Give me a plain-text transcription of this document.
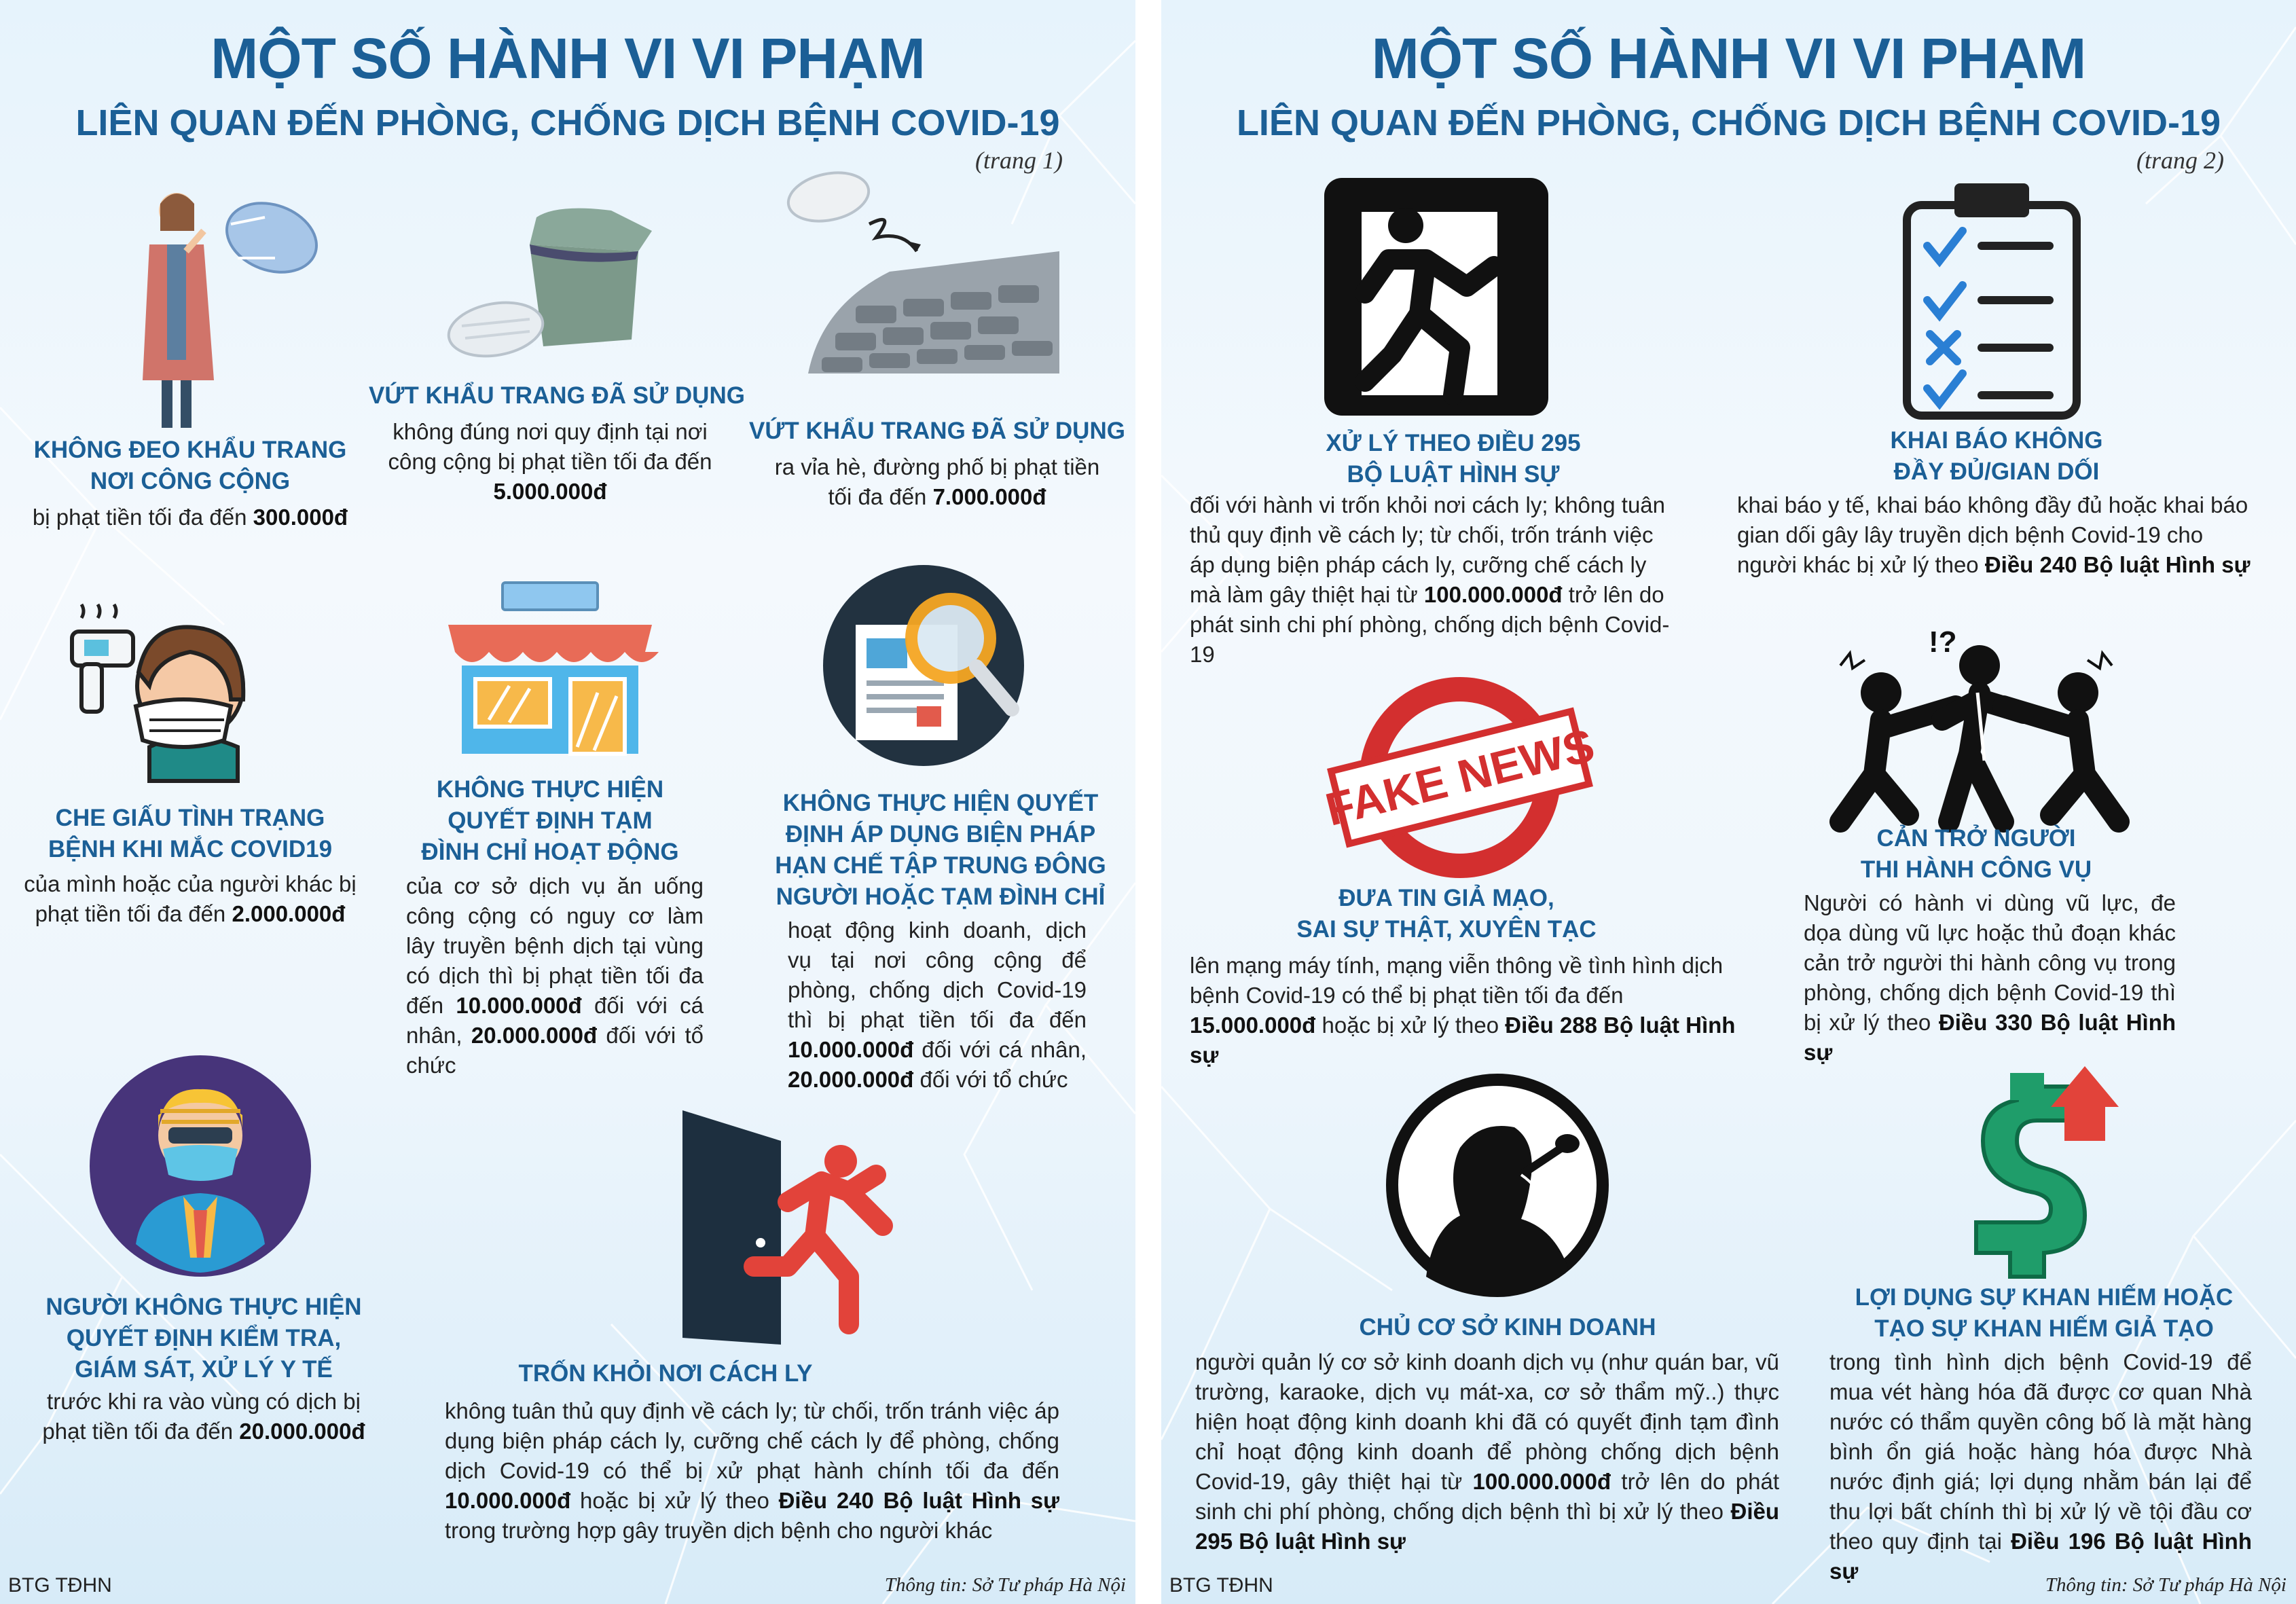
MỘT SỐ HÀNH VI VI PHẠM
LIÊN QUAN ĐẾN PHÒNG, CHỐNG DỊCH BỆNH COVID-19
(trang 1)
KHÔNG ĐEO KHẨU TRANG
NƠI CÔNG CỘNG
bị phạt tiền tối đa đến 300.000đ
VỨT KHẨU TRANG ĐÃ SỬ DỤNG
không đúng nơi quy định tại nơi công cộng bị phạt tiền tối đa đến 5.000.000đ
VỨT KHẨU TRANG ĐÃ SỬ DỤNG
ra vỉa hè, đường phố bị phạt tiền tối đa đến 7.000.000đ
CHE GIẤU TÌNH TRẠNG
BỆNH KHI MẮC COVID19
của mình hoặc của người khác bị phạt tiền tối đa đến 2.000.000đ
KHÔNG THỰC HIỆN
QUYẾT ĐỊNH TẠM
ĐÌNH CHỈ HOẠT ĐỘNG
của cơ sở dịch vụ ăn uống công cộng có nguy cơ làm lây truyền bệnh dịch tại vùng có dịch thì bị phạt tiền tối đa đến 10.000.000đ đối với cá nhân, 20.000.000đ đối với tổ chức
KHÔNG THỰC HIỆN QUYẾT
ĐỊNH ÁP DỤNG BIỆN PHÁP
HẠN CHẾ TẬP TRUNG ĐÔNG
NGƯỜI HOẶC TẠM ĐÌNH CHỈ
hoạt động kinh doanh, dịch vụ tại nơi công cộng để phòng, chống dịch Covid-19 thì bị phạt tiền tối đa đến 10.000.000đ đối với cá nhân, 20.000.000đ đối với tổ chức
NGƯỜI KHÔNG THỰC HIỆN
QUYẾT ĐỊNH KIỂM TRA,
GIÁM SÁT, XỬ LÝ Y TẾ
trước khi ra vào vùng có dịch bị phạt tiền tối đa đến 20.000.000đ
TRỐN KHỎI NƠI CÁCH LY
không tuân thủ quy định về cách ly; từ chối, trốn tránh việc áp dụng biện pháp cách ly, cưỡng chế cách ly để phòng, chống dịch Covid-19 có thể bị xử phạt hành chính tối đa đến 10.000.000đ hoặc bị xử lý theo Điều 240 Bộ luật Hình sự trong trường hợp gây truyền dịch bệnh cho người khác
BTG TĐHN	Thông tin: Sở Tư pháp Hà Nội
MỘT SỐ HÀNH VI VI PHẠM
LIÊN QUAN ĐẾN PHÒNG, CHỐNG DỊCH BỆNH COVID-19
(trang 2)
XỬ LÝ THEO ĐIỀU 295
BỘ LUẬT HÌNH SỰ
đối với hành vi trốn khỏi nơi cách ly; không tuân thủ quy định về cách ly; từ chối, trốn tránh việc áp dụng biện pháp cách ly, cưỡng chế cách ly mà làm gây thiệt hại từ 100.000.000đ trở lên do phát sinh chi phí phòng, chống dịch bệnh Covid-19
KHAI BÁO KHÔNG
ĐẦY ĐỦ/GIAN DỐI
khai báo y tế, khai báo không đầy đủ hoặc khai báo gian dối gây lây truyền dịch bệnh Covid-19 cho người khác bị xử lý theo Điều 240 Bộ luật Hình sự
FAKE NEWS
ĐƯA TIN GIẢ MẠO,
SAI SỰ THẬT, XUYÊN TẠC
lên mạng máy tính, mạng viễn thông về tình hình dịch bệnh Covid-19 có thể bị phạt tiền tối đa đến 15.000.000đ hoặc bị xử lý theo Điều 288 Bộ luật Hình sự
!?
CẢN TRỞ NGƯỜI
THI HÀNH CÔNG VỤ
Người có hành vi dùng vũ lực, đe dọa dùng vũ lực hoặc thủ đoạn khác cản trở người thi hành công vụ trong phòng, chống dịch bệnh Covid-19 thì bị xử lý theo Điều 330 Bộ luật Hình sự
CHỦ CƠ SỞ KINH DOANH
người quản lý cơ sở kinh doanh dịch vụ (như quán bar, vũ trường, karaoke, dịch vụ mát-xa, cơ sở thẩm mỹ..) thực hiện hoạt động kinh doanh khi đã có quyết định tạm đình chỉ hoạt động kinh doanh để phòng chống dịch bệnh Covid-19, gây thiệt hại từ 100.000.000đ trở lên do phát sinh chi phí phòng, chống dịch bệnh thì bị xử lý theo Điều 295 Bộ luật Hình sự
LỢI DỤNG SỰ KHAN HIẾM HOẶC
TẠO SỰ KHAN HIẾM GIẢ TẠO
trong tình hình dịch bệnh Covid-19 để mua vét hàng hóa đã được cơ quan Nhà nước có thẩm quyền công bố là mặt hàng bình ổn giá hoặc hàng hóa được Nhà nước định giá; lợi dụng nhằm bán lại để thu lợi bất chính thì bị xử lý về tội đầu cơ theo quy định tại Điều 196 Bộ luật Hình sự
BTG TĐHN	Thông tin: Sở Tư pháp Hà Nội
